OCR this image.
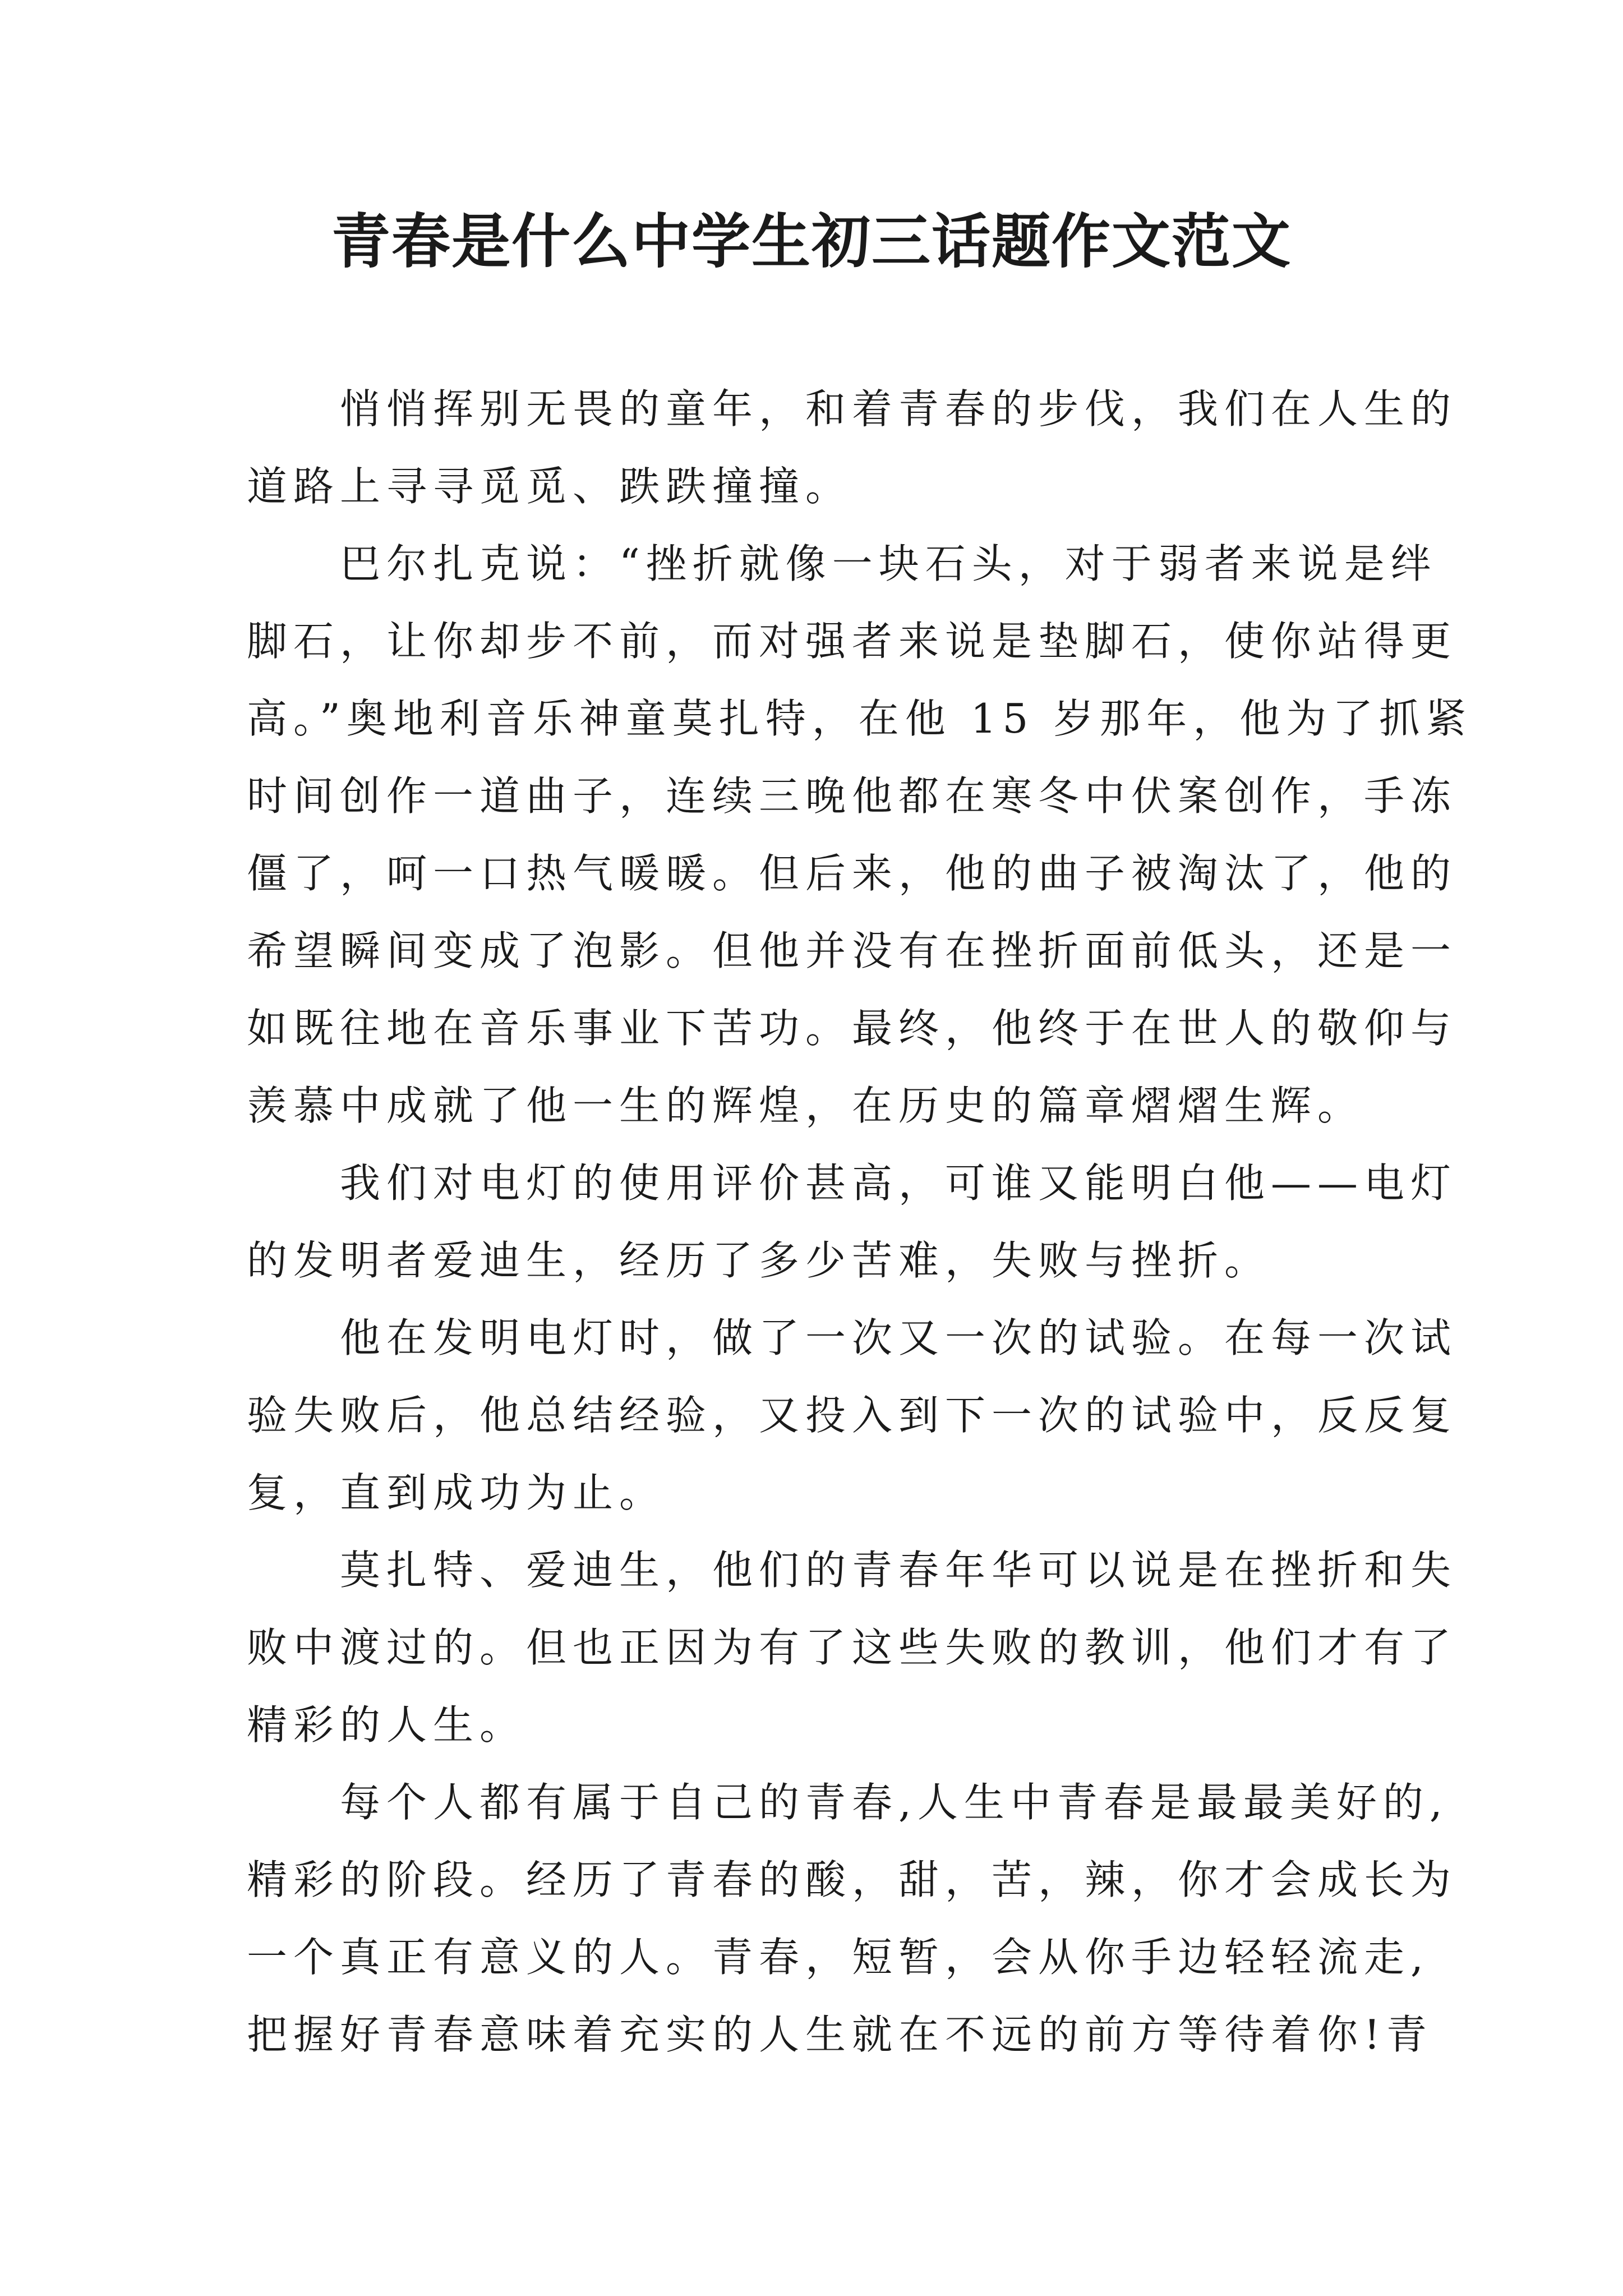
青春是什么中学生初三话题作文范文
　　悄悄挥别无畏的童年，和着青春的步伐，我们在人生的
道路上寻寻觅觅、跌跌撞撞。
　　巴尔扎克说：“挫折就像一块石头，对于弱者来说是绊
脚石，让你却步不前，而对强者来说是垫脚石，使你站得更
高。”奥地利音乐神童莫扎特，在他 15 岁那年，他为了抓紧
时间创作一道曲子，连续三晚他都在寒冬中伏案创作，手冻
僵了，呵一口热气暖暖。但后来，他的曲子被淘汰了，他的
希望瞬间变成了泡影。但他并没有在挫折面前低头，还是一
如既往地在音乐事业下苦功。最终，他终于在世人的敬仰与
羡慕中成就了他一生的辉煌，在历史的篇章熠熠生辉。
　　我们对电灯的使用评价甚高，可谁又能明白他——电灯
的发明者爱迪生，经历了多少苦难，失败与挫折。
　　他在发明电灯时，做了一次又一次的试验。在每一次试
验失败后，他总结经验，又投入到下一次的试验中，反反复
复，直到成功为止。
　　莫扎特、爱迪生，他们的青春年华可以说是在挫折和失
败中渡过的。但也正因为有了这些失败的教训，他们才有了
精彩的人生。
　　每个人都有属于自己的青春,人生中青春是最最美好的,
精彩的阶段。经历了青春的酸，甜，苦，辣，你才会成长为
一个真正有意义的人。青春，短暂，会从你手边轻轻流走,
把握好青春意味着充实的人生就在不远的前方等待着你!青
